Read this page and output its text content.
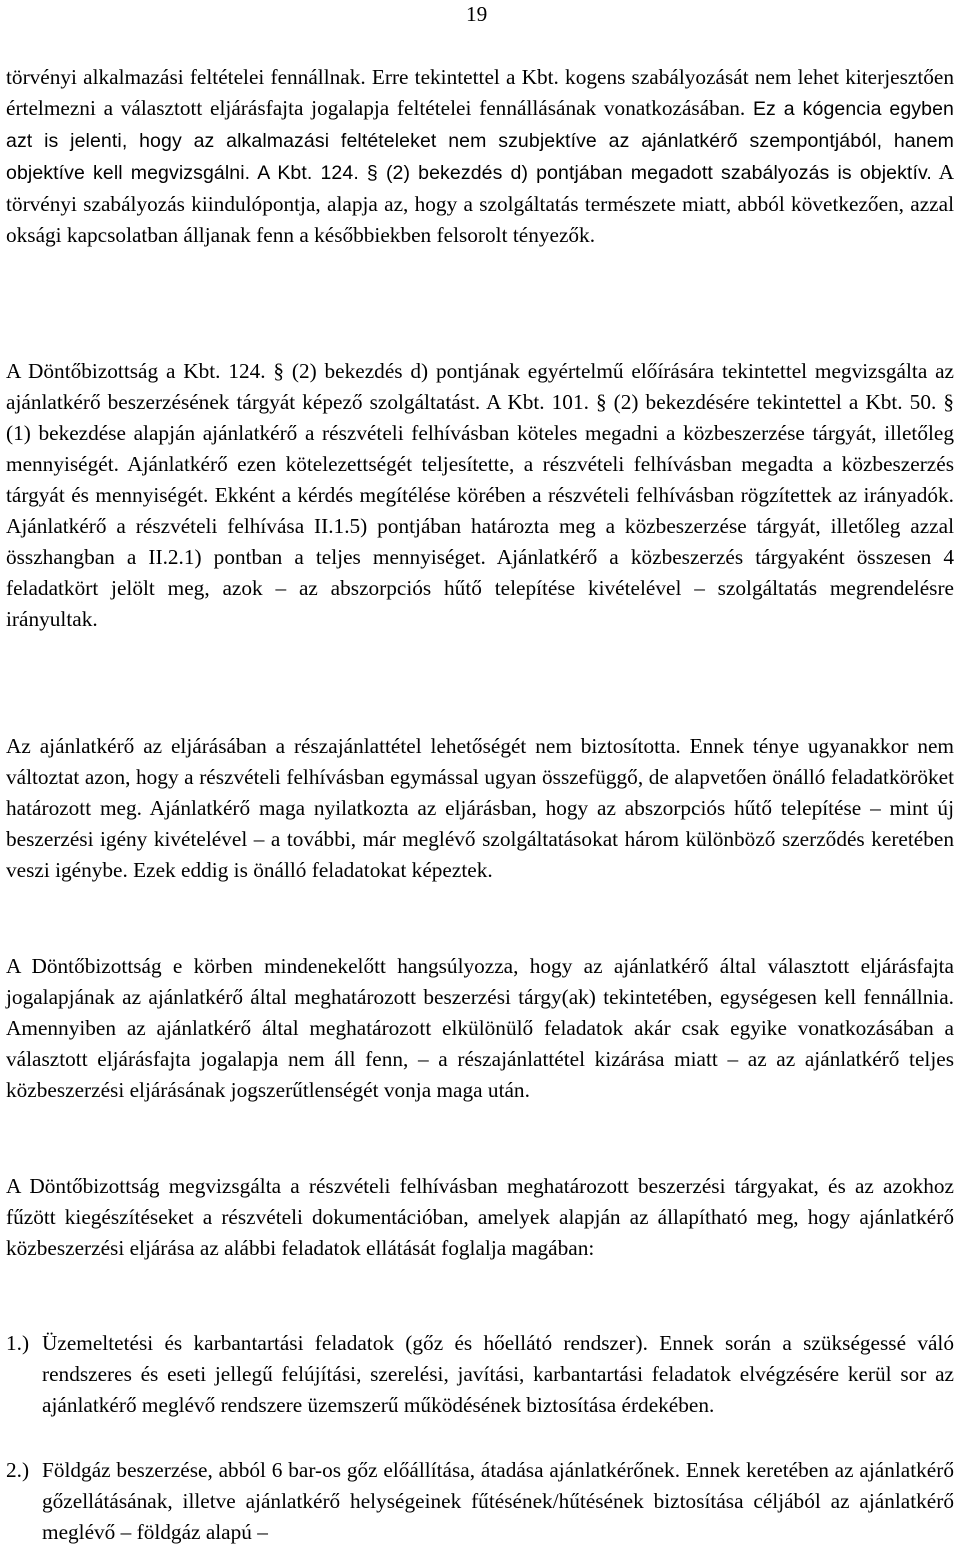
19

törvényi alkalmazási feltételei fennállnak. Erre tekintettel a Kbt. kogens szabályozását nem lehet kiterjesztően értelmezni a választott eljárásfajta jogalapja feltételei fennállásának vonatkozásában. Ez a kógencia egyben azt is jelenti, hogy az alkalmazási feltételeket nem szubjektíve az ajánlatkérő szempontjából, hanem objektíve kell megvizsgálni. A Kbt. 124. § (2) bekezdés d) pontjában megadott szabályozás is objektív. A törvényi szabályozás kiindulópontja, alapja az, hogy a szolgáltatás természete miatt, abból következően, azzal oksági kapcsolatban álljanak fenn a későbbiekben felsorolt tényezők.

A Döntőbizottság a Kbt. 124. § (2) bekezdés d) pontjának egyértelmű előírására tekintettel megvizsgálta az ajánlatkérő beszerzésének tárgyát képező szolgáltatást. A Kbt. 101. § (2) bekezdésére tekintettel a Kbt. 50. § (1) bekezdése alapján ajánlatkérő a részvételi felhívásban köteles megadni a közbeszerzése tárgyát, illetőleg mennyiségét. Ajánlatkérő ezen kötelezettségét teljesítette, a részvételi felhívásban megadta a közbeszerzés tárgyát és mennyiségét. Ekként a kérdés megítélése körében a részvételi felhívásban rögzítettek az irányadók. Ajánlatkérő a részvételi felhívása II.1.5) pontjában határozta meg a közbeszerzése tárgyát, illetőleg azzal összhangban a II.2.1) pontban a teljes mennyiséget. Ajánlatkérő a közbeszerzés tárgyaként összesen 4 feladatkört jelölt meg, azok – az abszorpciós hűtő telepítése kivételével – szolgáltatás megrendelésre irányultak.

Az ajánlatkérő az eljárásában a részajánlattétel lehetőségét nem biztosította. Ennek ténye ugyanakkor nem változtat azon, hogy a részvételi felhívásban egymással ugyan összefüggő, de alapvetően önálló feladatköröket határozott meg. Ajánlatkérő maga nyilatkozta az eljárásban, hogy az abszorpciós hűtő telepítése – mint új beszerzési igény kivételével – a további, már meglévő szolgáltatásokat három különböző szerződés keretében veszi igénybe. Ezek eddig is önálló feladatokat képeztek.

A Döntőbizottság e körben mindenekelőtt hangsúlyozza, hogy az ajánlatkérő által választott eljárásfajta jogalapjának az ajánlatkérő által meghatározott beszerzési tárgy(ak) tekintetében, egységesen kell fennállnia. Amennyiben az ajánlatkérő által meghatározott elkülönülő feladatok akár csak egyike vonatkozásában a választott eljárásfajta jogalapja nem áll fenn, – a részajánlattétel kizárása miatt – az az ajánlatkérő teljes közbeszerzési eljárásának jogszerűtlenségét vonja maga után.

A Döntőbizottság megvizsgálta a részvételi felhívásban meghatározott beszerzési tárgyakat, és az azokhoz fűzött kiegészítéseket a részvételi dokumentációban, amelyek alapján az állapítható meg, hogy ajánlatkérő közbeszerzési eljárása az alábbi feladatok ellátását foglalja magában:

1.) Üzemeltetési és karbantartási feladatok (gőz és hőellátó rendszer). Ennek során a szükségessé váló rendszeres és eseti jellegű felújítási, szerelési, javítási, karbantartási feladatok elvégzésére kerül sor az ajánlatkérő meglévő rendszere üzemszerű működésének biztosítása érdekében.
2.) Földgáz beszerzése, abból 6 bar-os gőz előállítása, átadása ajánlatkérőnek. Ennek keretében az ajánlatkérő gőzellátásának, illetve ajánlatkérő helységeinek fűtésének/hűtésének biztosítása céljából az ajánlatkérő meglévő – földgáz alapú –
